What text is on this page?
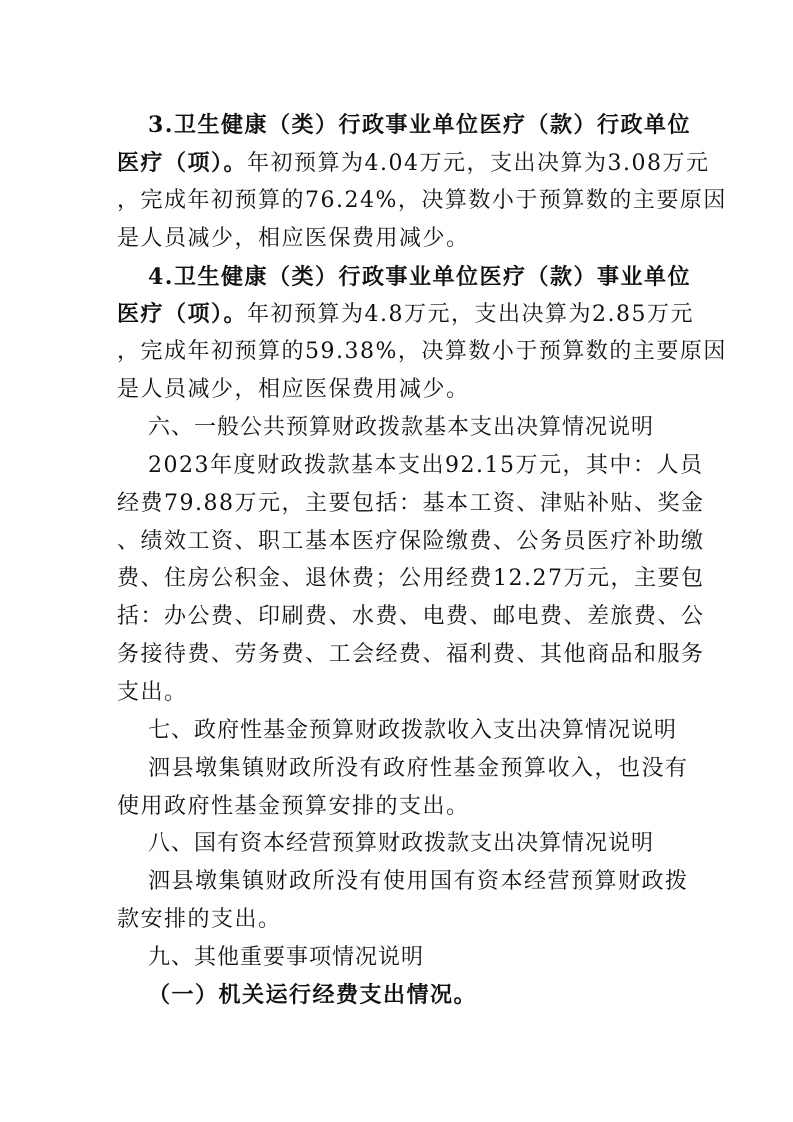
3.卫生健康（类）行政事业单位医疗（款）行政单位
医疗（项）。年初预算为4.04万元，支出决算为3.08万元
，完成年初预算的76.24%，决算数小于预算数的主要原因
是人员减少，相应医保费用减少。
4.卫生健康（类）行政事业单位医疗（款）事业单位
医疗（项）。年初预算为4.8万元，支出决算为2.85万元
，完成年初预算的59.38%，决算数小于预算数的主要原因
是人员减少，相应医保费用减少。
六、一般公共预算财政拨款基本支出决算情况说明
2023年度财政拨款基本支出92.15万元，其中：人员
经费79.88万元，主要包括：基本工资、津贴补贴、奖金
、绩效工资、职工基本医疗保险缴费、公务员医疗补助缴
费、住房公积金、退休费；公用经费12.27万元，主要包
括：办公费、印刷费、水费、电费、邮电费、差旅费、公
务接待费、劳务费、工会经费、福利费、其他商品和服务
支出。
七、政府性基金预算财政拨款收入支出决算情况说明
泗县墩集镇财政所没有政府性基金预算收入，也没有
使用政府性基金预算安排的支出。
八、国有资本经营预算财政拨款支出决算情况说明
泗县墩集镇财政所没有使用国有资本经营预算财政拨
款安排的支出。
九、其他重要事项情况说明
（一）机关运行经费支出情况。
